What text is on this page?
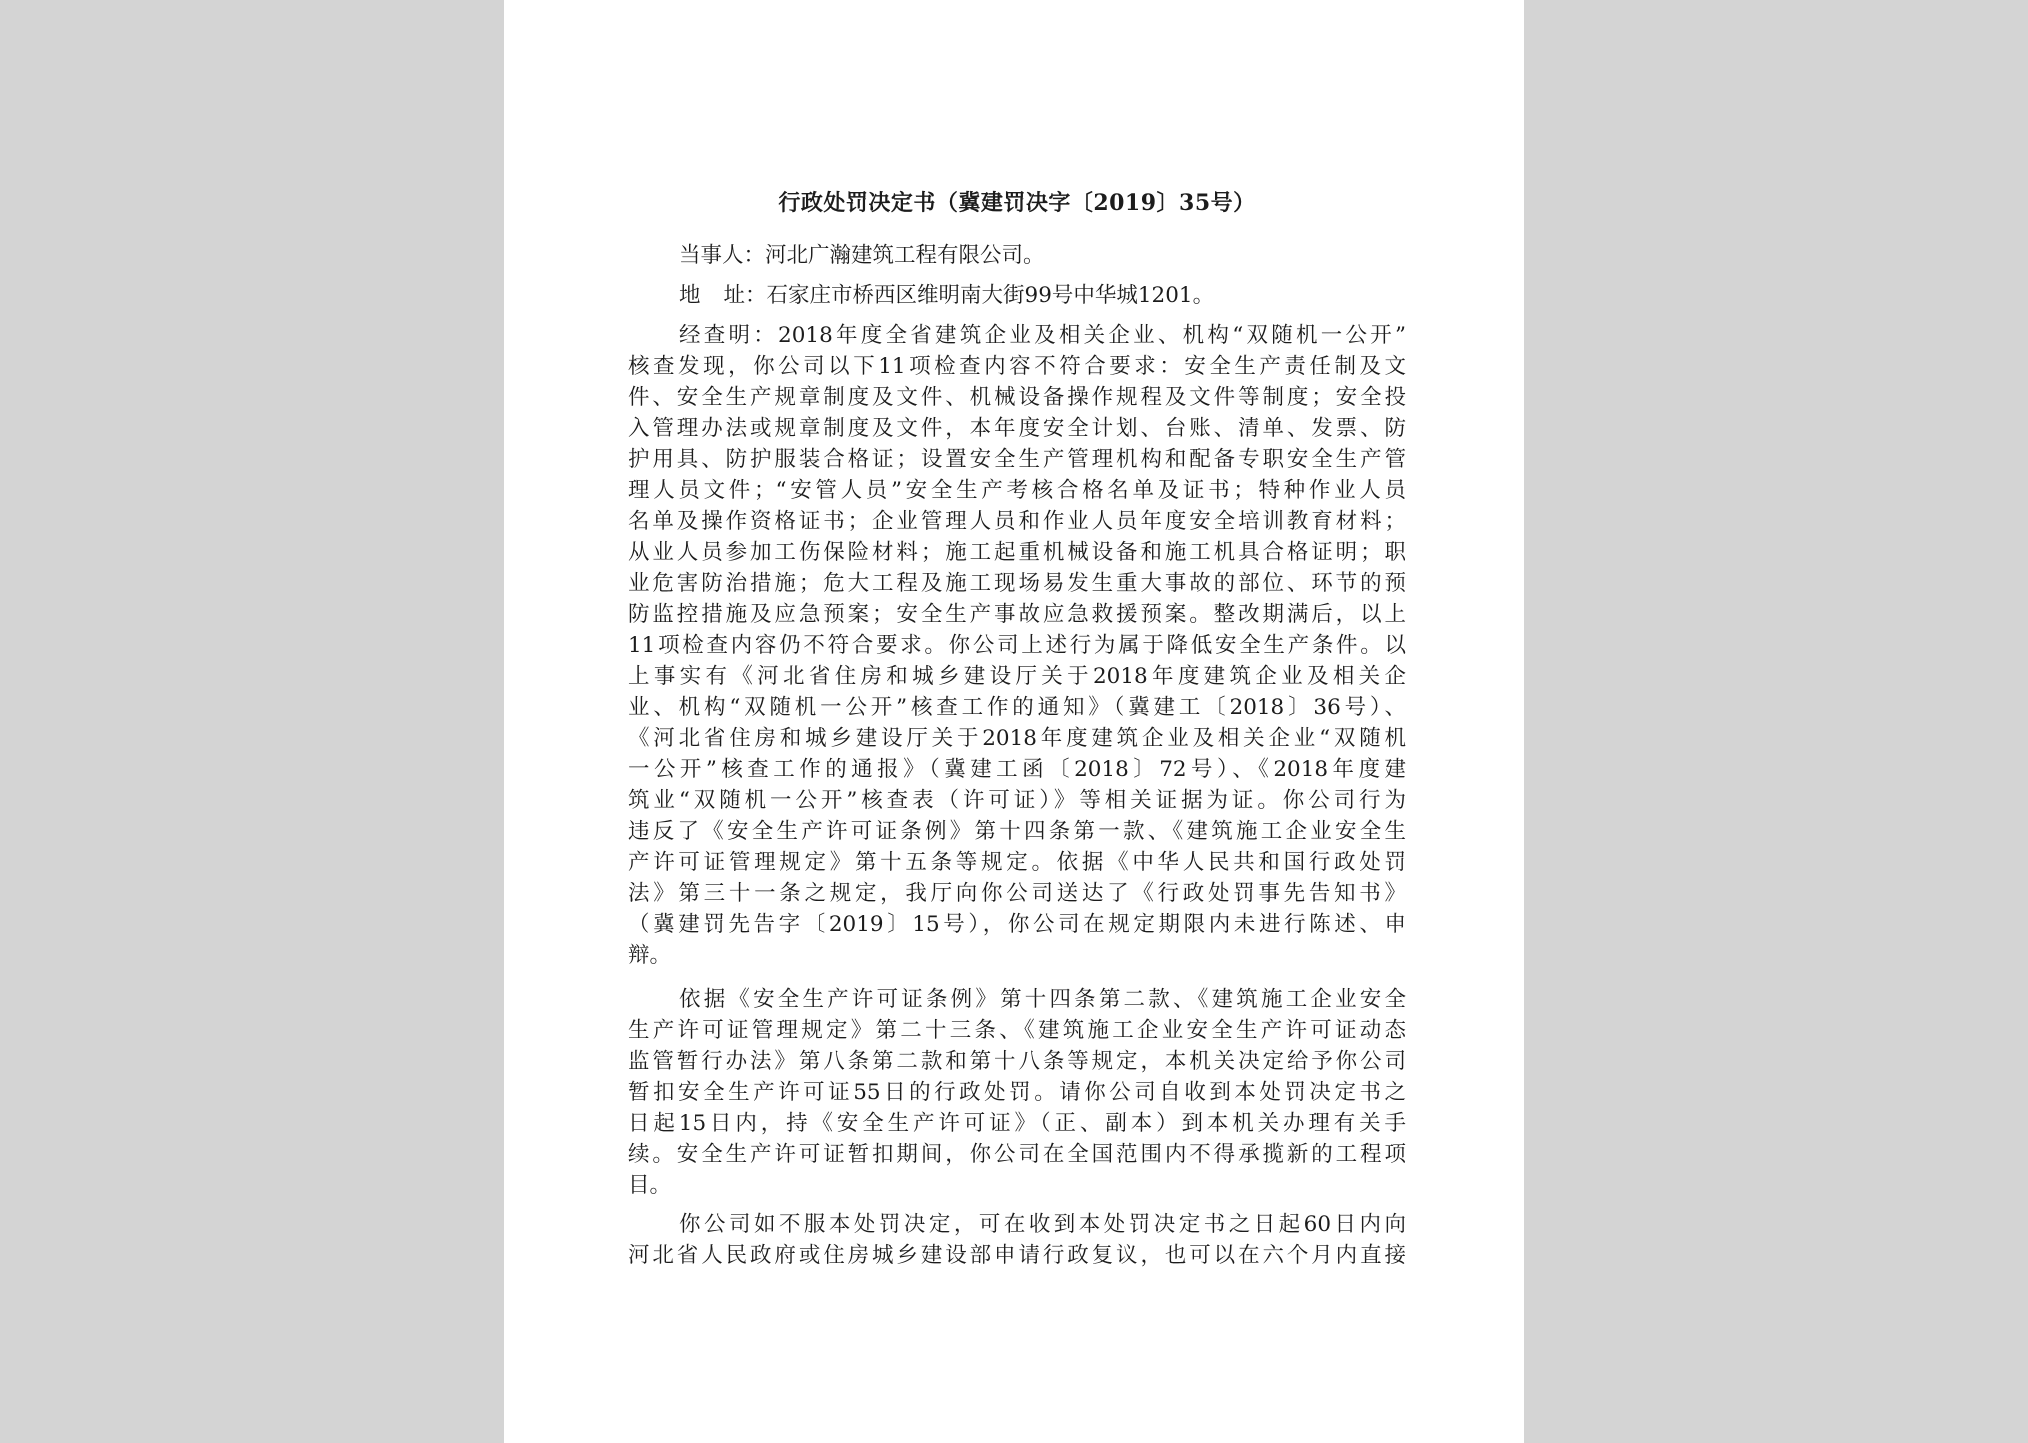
行政处罚决定书（冀建罚决字〔2019〕35号）
当事人：河北广瀚建筑工程有限公司。
地　址：石家庄市桥西区维明南大街99号中华城1201。
经查明：2018年度全省建筑企业及相关企业、机构“双随机一公开”
核查发现，你公司以下11项检查内容不符合要求：安全生产责任制及文
件、安全生产规章制度及文件、机械设备操作规程及文件等制度；安全投
入管理办法或规章制度及文件，本年度安全计划、台账、清单、发票、防
护用具、防护服装合格证；设置安全生产管理机构和配备专职安全生产管
理人员文件；“安管人员”安全生产考核合格名单及证书；特种作业人员
名单及操作资格证书；企业管理人员和作业人员年度安全培训教育材料；
从业人员参加工伤保险材料；施工起重机械设备和施工机具合格证明；职
业危害防治措施；危大工程及施工现场易发生重大事故的部位、环节的预
防监控措施及应急预案；安全生产事故应急救援预案。整改期满后，以上
11项检查内容仍不符合要求。你公司上述行为属于降低安全生产条件。以
上事实有《河北省住房和城乡建设厅关于2018年度建筑企业及相关企
业、机构“双随机一公开”核查工作的通知》（冀建工〔2018〕36号）、
《河北省住房和城乡建设厅关于2018年度建筑企业及相关企业“双随机
一公开”核查工作的通报》（冀建工函〔2018〕72号）、《2018年度建
筑业“双随机一公开”核查表（许可证）》等相关证据为证。你公司行为
违反了《安全生产许可证条例》第十四条第一款、《建筑施工企业安全生
产许可证管理规定》第十五条等规定。依据《中华人民共和国行政处罚
法》第三十一条之规定，我厅向你公司送达了《行政处罚事先告知书》
（冀建罚先告字〔2019〕15号），你公司在规定期限内未进行陈述、申
辩。
依据《安全生产许可证条例》第十四条第二款、《建筑施工企业安全
生产许可证管理规定》第二十三条、《建筑施工企业安全生产许可证动态
监管暂行办法》第八条第二款和第十八条等规定，本机关决定给予你公司
暂扣安全生产许可证55日的行政处罚。请你公司自收到本处罚决定书之
日起15日内，持《安全生产许可证》（正、副本）到本机关办理有关手
续。安全生产许可证暂扣期间，你公司在全国范围内不得承揽新的工程项
目。
你公司如不服本处罚决定，可在收到本处罚决定书之日起60日内向
河北省人民政府或住房城乡建设部申请行政复议，也可以在六个月内直接
